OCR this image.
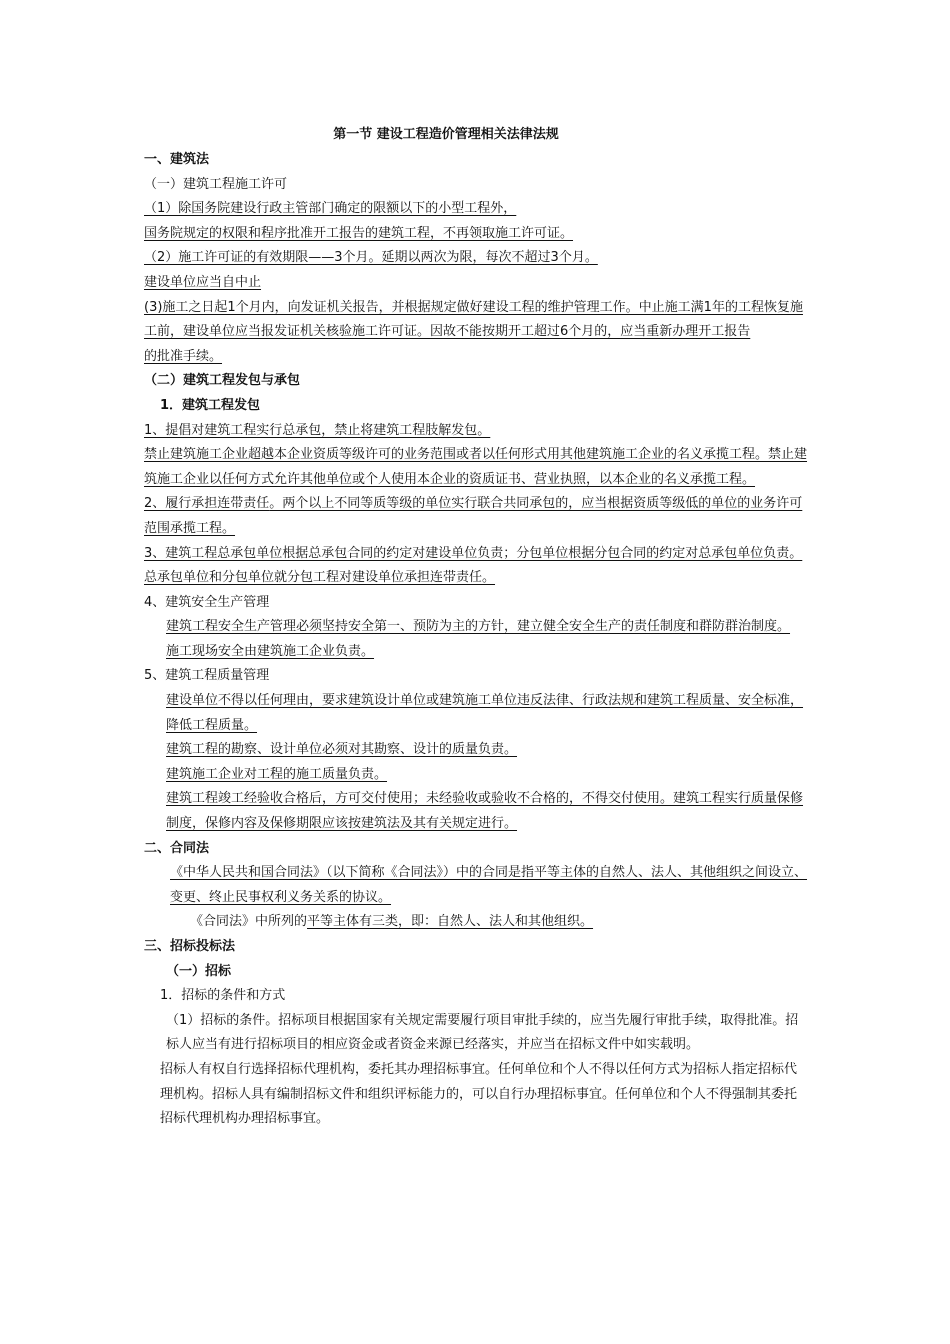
第一节 建设工程造价管理相关法律法规

一、建筑法

（一）建筑工程施工许可

（1）除国务院建设行政主管部门确定的限额以下的小型工程外，

国务院规定的权限和程序批准开工报告的建筑工程，不再领取施工许可证。

（2）施工许可证的有效期限——3个月。延期以两次为限，每次不超过3个月。

建设单位应当自中止

(3)施工之日起1个月内，向发证机关报告，并根据规定做好建设工程的维护管理工作。中止施工满1年的工程恢复施工前，建设单位应当报发证机关核验施工许可证。因故不能按期开工超过6个月的，应当重新办理开工报告

的批准手续。

（二）建筑工程发包与承包

1．建筑工程发包

1、提倡对建筑工程实行总承包，禁止将建筑工程肢解发包。

禁止建筑施工企业超越本企业资质等级许可的业务范围或者以任何形式用其他建筑施工企业的名义承揽工程。禁止建筑施工企业以任何方式允许其他单位或个人使用本企业的资质证书、营业执照，以本企业的名义承揽工程。

2、履行承担连带责任。两个以上不同等质等级的单位实行联合共同承包的，应当根据资质等级低的单位的业务许可范围承揽工程。

3、建筑工程总承包单位根据总承包合同的约定对建设单位负责；分包单位根据分包合同的约定对总承包单位负责。总承包单位和分包单位就分包工程对建设单位承担连带责任。

4、建筑安全生产管理

建筑工程安全生产管理必须坚持安全第一、预防为主的方针，建立健全安全生产的责任制度和群防群治制度。

施工现场安全由建筑施工企业负责。

5、建筑工程质量管理

建设单位不得以任何理由，要求建筑设计单位或建筑施工单位违反法律、行政法规和建筑工程质量、安全标准，降低工程质量。

建筑工程的勘察、设计单位必须对其勘察、设计的质量负责。

建筑施工企业对工程的施工质量负责。

建筑工程竣工经验收合格后，方可交付使用；未经验收或验收不合格的，不得交付使用。建筑工程实行质量保修制度，保修内容及保修期限应该按建筑法及其有关规定进行。

二、合同法

《中华人民共和国合同法》（以下简称《合同法》）中的合同是指平等主体的自然人、法人、其他组织之间设立、变更、终止民事权利义务关系的协议。

《合同法》中所列的平等主体有三类，即：自然人、法人和其他组织。

三、招标投标法

（一）招标

1．招标的条件和方式

（1）招标的条件。招标项目根据国家有关规定需要履行项目审批手续的，应当先履行审批手续，取得批准。招标人应当有进行招标项目的相应资金或者资金来源已经落实，并应当在招标文件中如实载明。

招标人有权自行选择招标代理机构，委托其办理招标事宜。任何单位和个人不得以任何方式为招标人指定招标代理机构。招标人具有编制招标文件和组织评标能力的，可以自行办理招标事宜。任何单位和个人不得强制其委托招标代理机构办理招标事宜。
